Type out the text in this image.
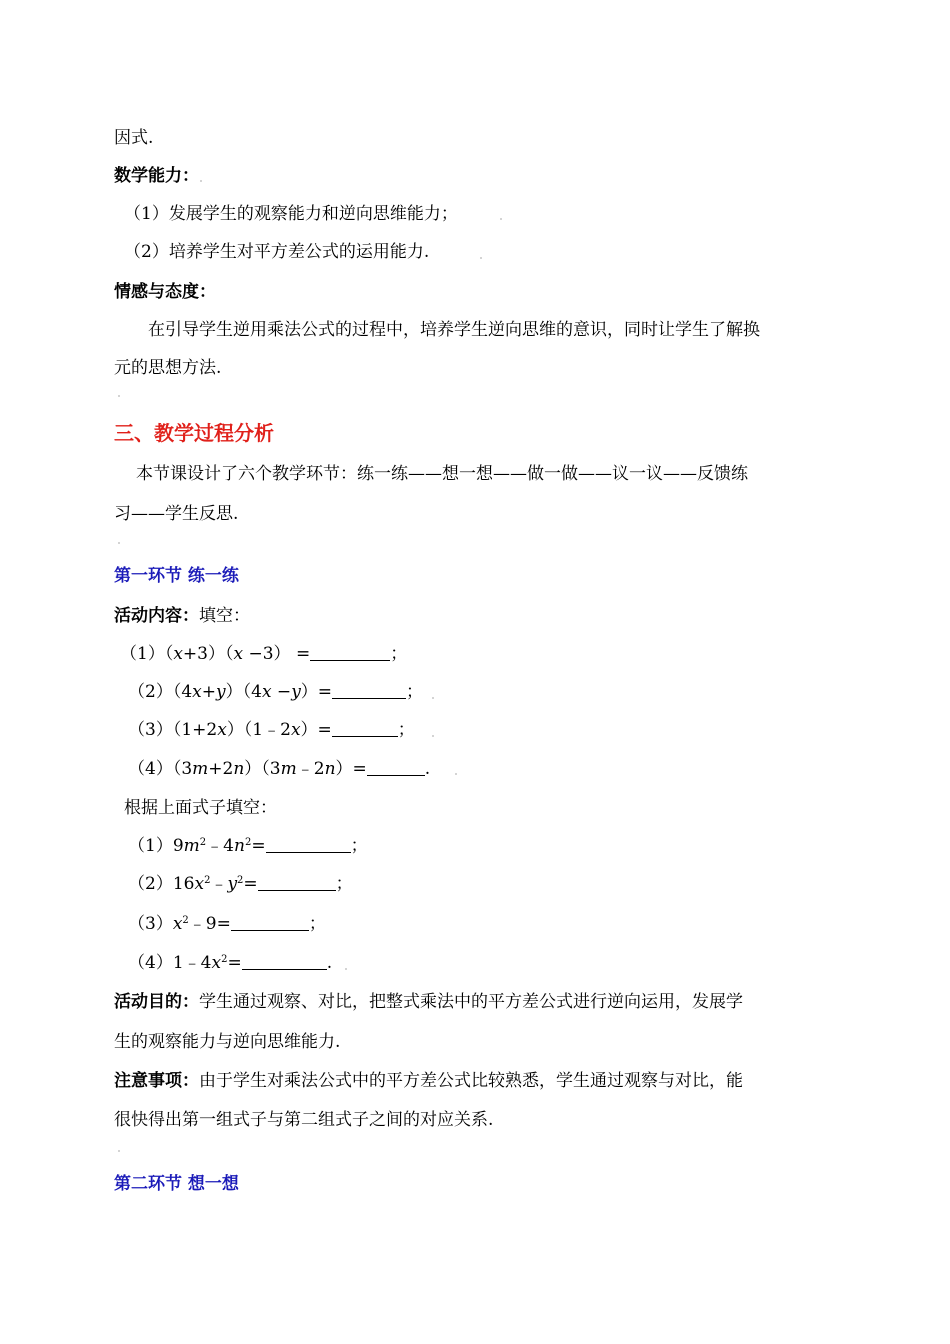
因式.
数学能力：
（1）发展学生的观察能力和逆向思维能力；
（2）培养学生对平方差公式的运用能力.
情感与态度：
在引导学生逆用乘法公式的过程中，培养学生逆向思维的意识，同时让学生了解换
元的思想方法.
三、教学过程分析
本节课设计了六个教学环节：练一练——想一想——做一做——议一议——反馈练
习——学生反思.
第一环节 练一练
活动内容：填空：
（1）（x+3）（x −3） =	；
（2）（4x+y）（4x −y）=	；
（3）（1+2x）（1﹣2x）=	；
（4）（3m+2n）（3m﹣2n）=	.
根据上面式子填空：
$(1)9m^2﹣4n^2=$	；
$(2)16x^2﹣y^2=$	；
$(3)x^2﹣9=$	；
$(4)1﹣4x^2=$	.
活动目的：学生通过观察、对比，把整式乘法中的平方差公式进行逆向运用，发展学
生的观察能力与逆向思维能力.
注意事项：由于学生对乘法公式中的平方差公式比较熟悉，学生通过观察与对比，能
很快得出第一组式子与第二组式子之间的对应关系.
第二环节 想一想
